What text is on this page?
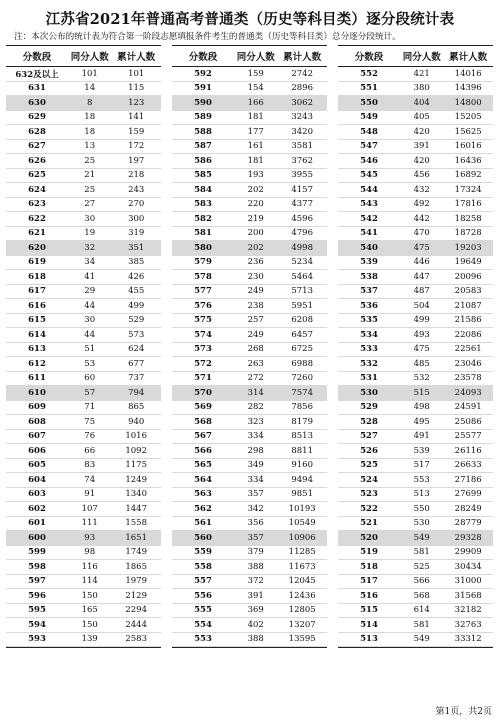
江苏省2021年普通高考普通类（历史等科目类）逐分段统计表
注：本次公布的统计表为符合第一阶段志愿填报条件考生的普通类（历史等科目类）总分逐分段统计。
分数段	同分人数 累计人数
632及以上	101	101
631	14	115
630	8	123
629	18	141
628	18	159
627	13	172
626	25	197
625	21	218
624	25	243
623	27	270
622	30	300
621	19	319
620	32	351
619	34	385
618	41	426
617	29	455
616	44	499
615	30	529
614	44	573
613	51	624
612	53	677
611	60	737
610	57	794
609	71	865
608	75	940
607	76	1016
606	66	1092
605	83	1175
604	74	1249
603	91	1340
602	107	1447
601	111	1558
600	93	1651
599	98	1749
598	116	1865
597	114	1979
596	150	2129
595	165	2294
594	150	2444
593	139	2583
分数段	同分人数 累计人数
592	159	2742
591	154	2896
590	166	3062
589	181	3243
588	177	3420
587	161	3581
586	181	3762
585	193	3955
584	202	4157
583	220	4377
582	219	4596
581	200	4796
580	202	4998
579	236	5234
578	230	5464
577	249	5713
576	238	5951
575	257	6208
574	249	6457
573	268	6725
572	263	6988
571	272	7260
570	314	7574
569	282	7856
568	323	8179
567	334	8513
566	298	8811
565	349	9160
564	334	9494
563	357	9851
562	342	10193
561	356	10549
560	357	10906
559	379	11285
558	388	11673
557	372	12045
556	391	12436
555	369	12805
554	402	13207
553	388	13595
分数段	同分人数 累计人数
552	421	14016
551	380	14396
550	404	14800
549	405	15205
548	420	15625
547	391	16016
546	420	16436
545	456	16892
544	432	17324
543	492	17816
542	442	18258
541	470	18728
540	475	19203
539	446	19649
538	447	20096
537	487	20583
536	504	21087
535	499	21586
534	493	22086
533	475	22561
532	485	23046
531	532	23578
530	515	24093
529	498	24591
528	495	25086
527	491	25577
526	539	26116
525	517	26633
524	553	27186
523	513	27699
522	550	28249
521	530	28779
520	549	29328
519	581	29909
518	525	30434
517	566	31000
516	568	31568
515	614	32182
514	581	32763
513	549	33312
第1页，共2页
